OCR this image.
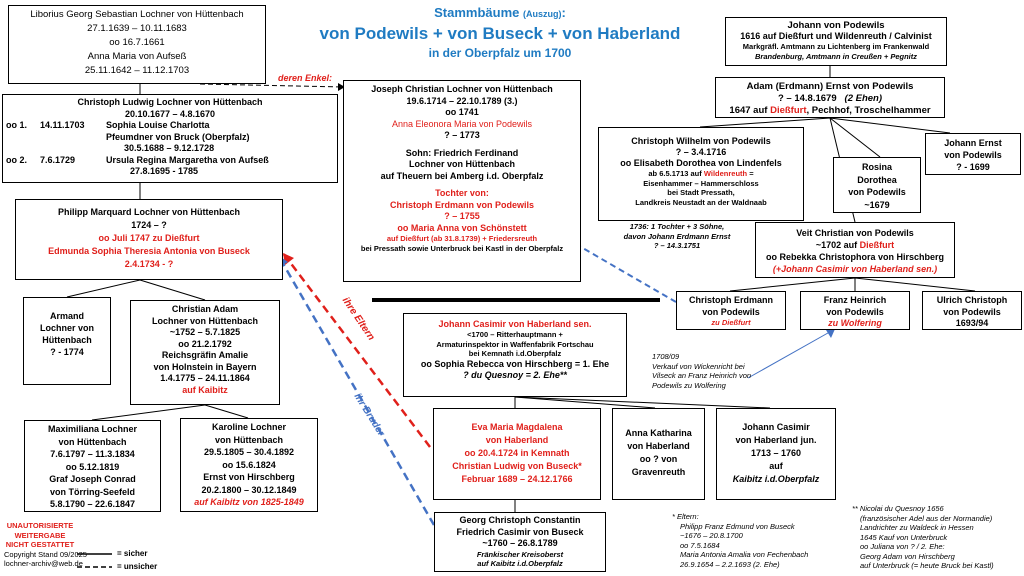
Stammbäume (Auszug):
von Podewils + von Buseck + von Haberland
in der Oberpfalz um 1700
deren Enkel:
ihre Eltern
ihr Bruder
Liborius Georg Sebastian Lochner von Hüttenbach
27.1.1639 – 10.11.1683
oo 16.7.1661
Anna Maria von Aufseß
25.11.1642 – 11.12.1703
Christoph Ludwig Lochner von Hüttenbach
20.10.1677 – 4.8.1670
oo 1.	14.11.1703	Sophia Louise Charlotta
Pfeumdner von Bruck (Oberpfalz)
30.5.1688 – 9.12.1728
oo 2.	7.6.1729	Ursula Regina Margaretha von Aufseß
27.8.1695 - 1785
Philipp Marquard Lochner von Hüttenbach
1724 – ?
oo Juli 1747 zu Dießfurt
Edmunda Sophia Theresia Antonia von Buseck
2.4.1734 - ?
Armand
Lochner von
Hüttenbach
? - 1774
Christian Adam
Lochner von Hüttenbach
~1752 – 5.7.1825
oo 21.2.1792
Reichsgräfin Amalie
von Holnstein in Bayern
1.4.1775 – 24.11.1864
auf Kaibitz
Maximiliana Lochner
von Hüttenbach
7.6.1797 – 11.3.1834
oo 5.12.1819
Graf Joseph Conrad
von Törring-Seefeld
5.8.1790 – 22.6.1847
Karoline Lochner
von Hüttenbach
29.5.1805 – 30.4.1892
oo 15.6.1824
Ernst von Hirschberg
20.2.1800 – 30.12.1849
auf Kaibitz von 1825-1849
Joseph Christian Lochner von Hüttenbach
19.6.1714 – 22.10.1789 (3.)
oo 1741
Anna Eleonora Maria von Podewils
? – 1773
Sohn: Friedrich Ferdinand
Lochner von Hüttenbach
auf Theuern bei Amberg i.d. Oberpfalz
Tochter von:
Christoph Erdmann von Podewils
? – 1755
oo Maria Anna von Schönstett
auf Dießfurt (ab 31.8.1739) + Friedersreuth
bei Pressath sowie Unterbruck bei Kastl in der Oberpfalz
Johann von Podewils
1616 auf Dießfurt und Wildenreuth / Calvinist
Markgräfl. Amtmann zu Lichtenberg im Frankenwald
Brandenburg, Amtmann in Creußen + Pegnitz
Adam (Erdmann) Ernst von Podewils
? – 14.8.1679 (2 Ehen)
1647 auf Dießfurt, Pechhof, Troschelhammer
Christoph Wilhelm von Podewils
? – 3.4.1716
oo Elisabeth Dorothea von Lindenfels
ab 6.5.1713 auf Wildenreuth =
Eisenhammer – Hammerschloss
bei Stadt Pressath,
Landkreis Neustadt an der Waldnaab
Rosina
Dorothea
von Podewils
~1679
Johann Ernst
von Podewils
? - 1699
1736: 1 Tochter + 3 Söhne,
davon Johann Erdmann Ernst
? – 14.3.1751
Veit Christian von Podewils
~1702 auf Dießfurt
oo Rebekka Christophora von Hirschberg
(+Johann Casimir von Haberland sen.)
Christoph Erdmann
von Podewils
zu Dießfurt
Franz Heinrich
von Podewils
zu Wolfering
Ulrich Christoph
von Podewils
1693/94
Johann Casimir von Haberland sen.
<1700 – Ritterhauptmann +
Armaturinspektor in Waffenfabrik Fortschau
bei Kemnath i.d.Oberpfalz
oo Sophia Rebecca von Hirschberg = 1. Ehe
? du Quesnoy = 2. Ehe**
1708/09
Verkauf von Wickenricht bei
Vilseck an Franz Heinrich von
Podewils zu Wolfering
Eva Maria Magdalena
von Haberland
oo 20.4.1724 in Kemnath
Christian Ludwig von Buseck*
Februar 1689 – 24.12.1766
Anna Katharina
von Haberland
oo ? von
Gravenreuth
Johann Casimir
von Haberland jun.
1713 – 1760
auf
Kaibitz i.d.Oberpfalz
Georg Christoph Constantin
Friedrich Casimir von Buseck
~1760 – 26.8.1789
Fränkischer Kreisoberst
auf Kaibitz i.d.Oberpfalz
* Eltern:
Philipp Franz Edmund von Buseck
~1676 – 20.8.1700
oo 7.5.1684
Maria Antonia Amalia von Fechenbach
26.9.1654 – 2.2.1693 (2. Ehe)
** Nicolai du Quesnoy 1656
(französischer Adel aus der Normandie)
Landrichter zu Waldeck in Hessen
1645 Kauf von Unterbruck
oo Juliana von ? / 2. Ehe:
Georg Adam von Hirschberg
auf Unterbruck (= heute Bruck bei Kastl)
UNAUTORISIERTE
WEITERGABE
NICHT GESTATTET
Copyright Stand 09/2025
lochner-archiv@web.de
= sicher
= unsicher
